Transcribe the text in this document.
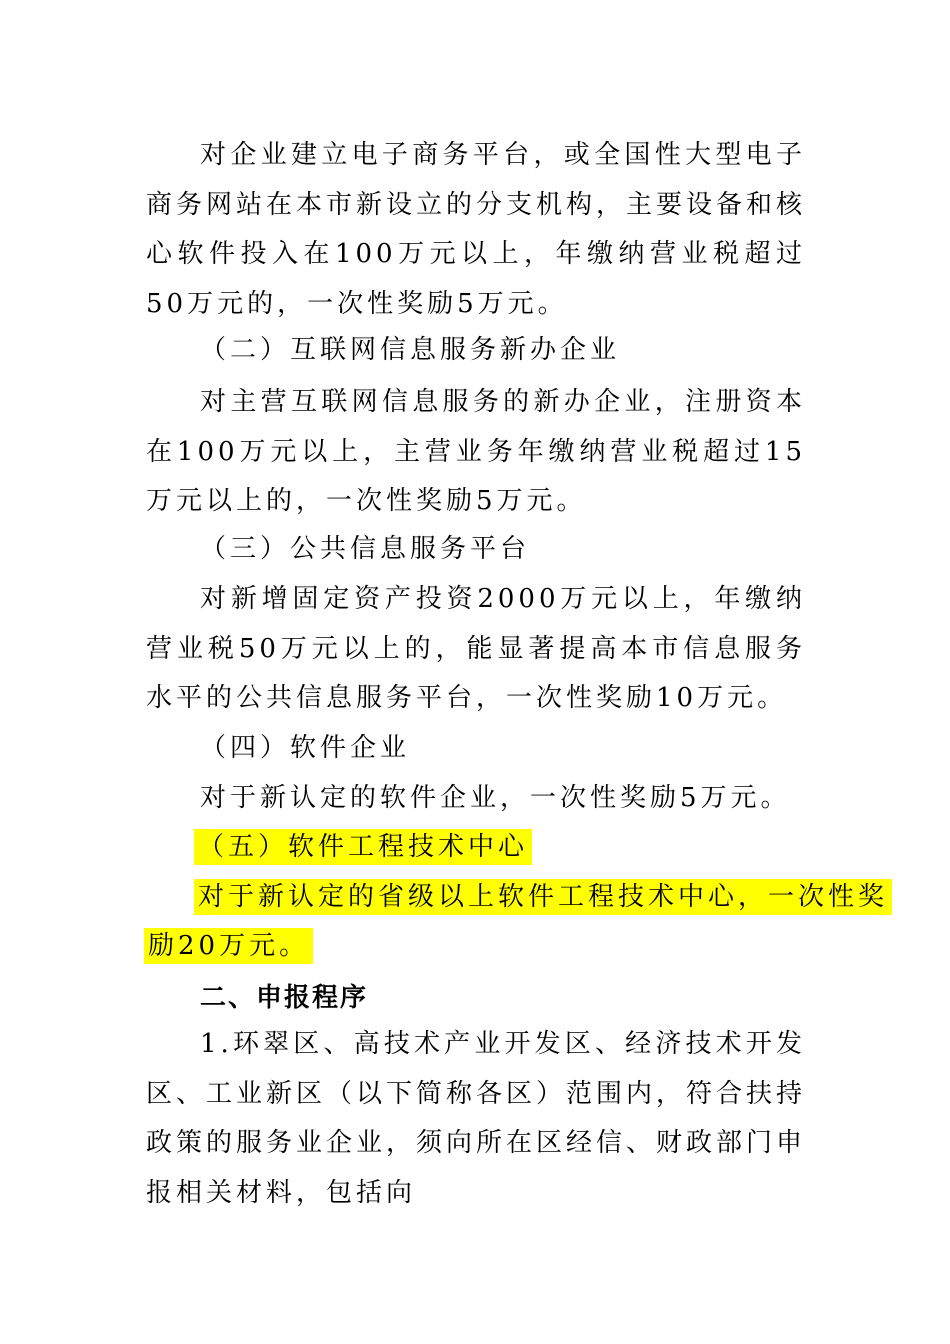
对企业建立电子商务平台，或全国性大型电子商务网站在本市新设立的分支机构，主要设备和核心软件投入在100万元以上，年缴纳营业税超过50万元的，一次性奖励5万元。
（二）互联网信息服务新办企业
对主营互联网信息服务的新办企业，注册资本在100万元以上，主营业务年缴纳营业税超过15万元以上的，一次性奖励5万元。
（三）公共信息服务平台
对新增固定资产投资2000万元以上，年缴纳营业税50万元以上的，能显著提高本市信息服务水平的公共信息服务平台，一次性奖励10万元。
（四）软件企业
对于新认定的软件企业，一次性奖励5万元。
（五）软件工程技术中心
对于新认定的省级以上软件工程技术中心，一次性奖
励20万元。
二、申报程序
1.环翠区、高技术产业开发区、经济技术开发区、工业新区（以下简称各区）范围内，符合扶持政策的服务业企业，须向所在区经信、财政部门申报相关材料，包括向
